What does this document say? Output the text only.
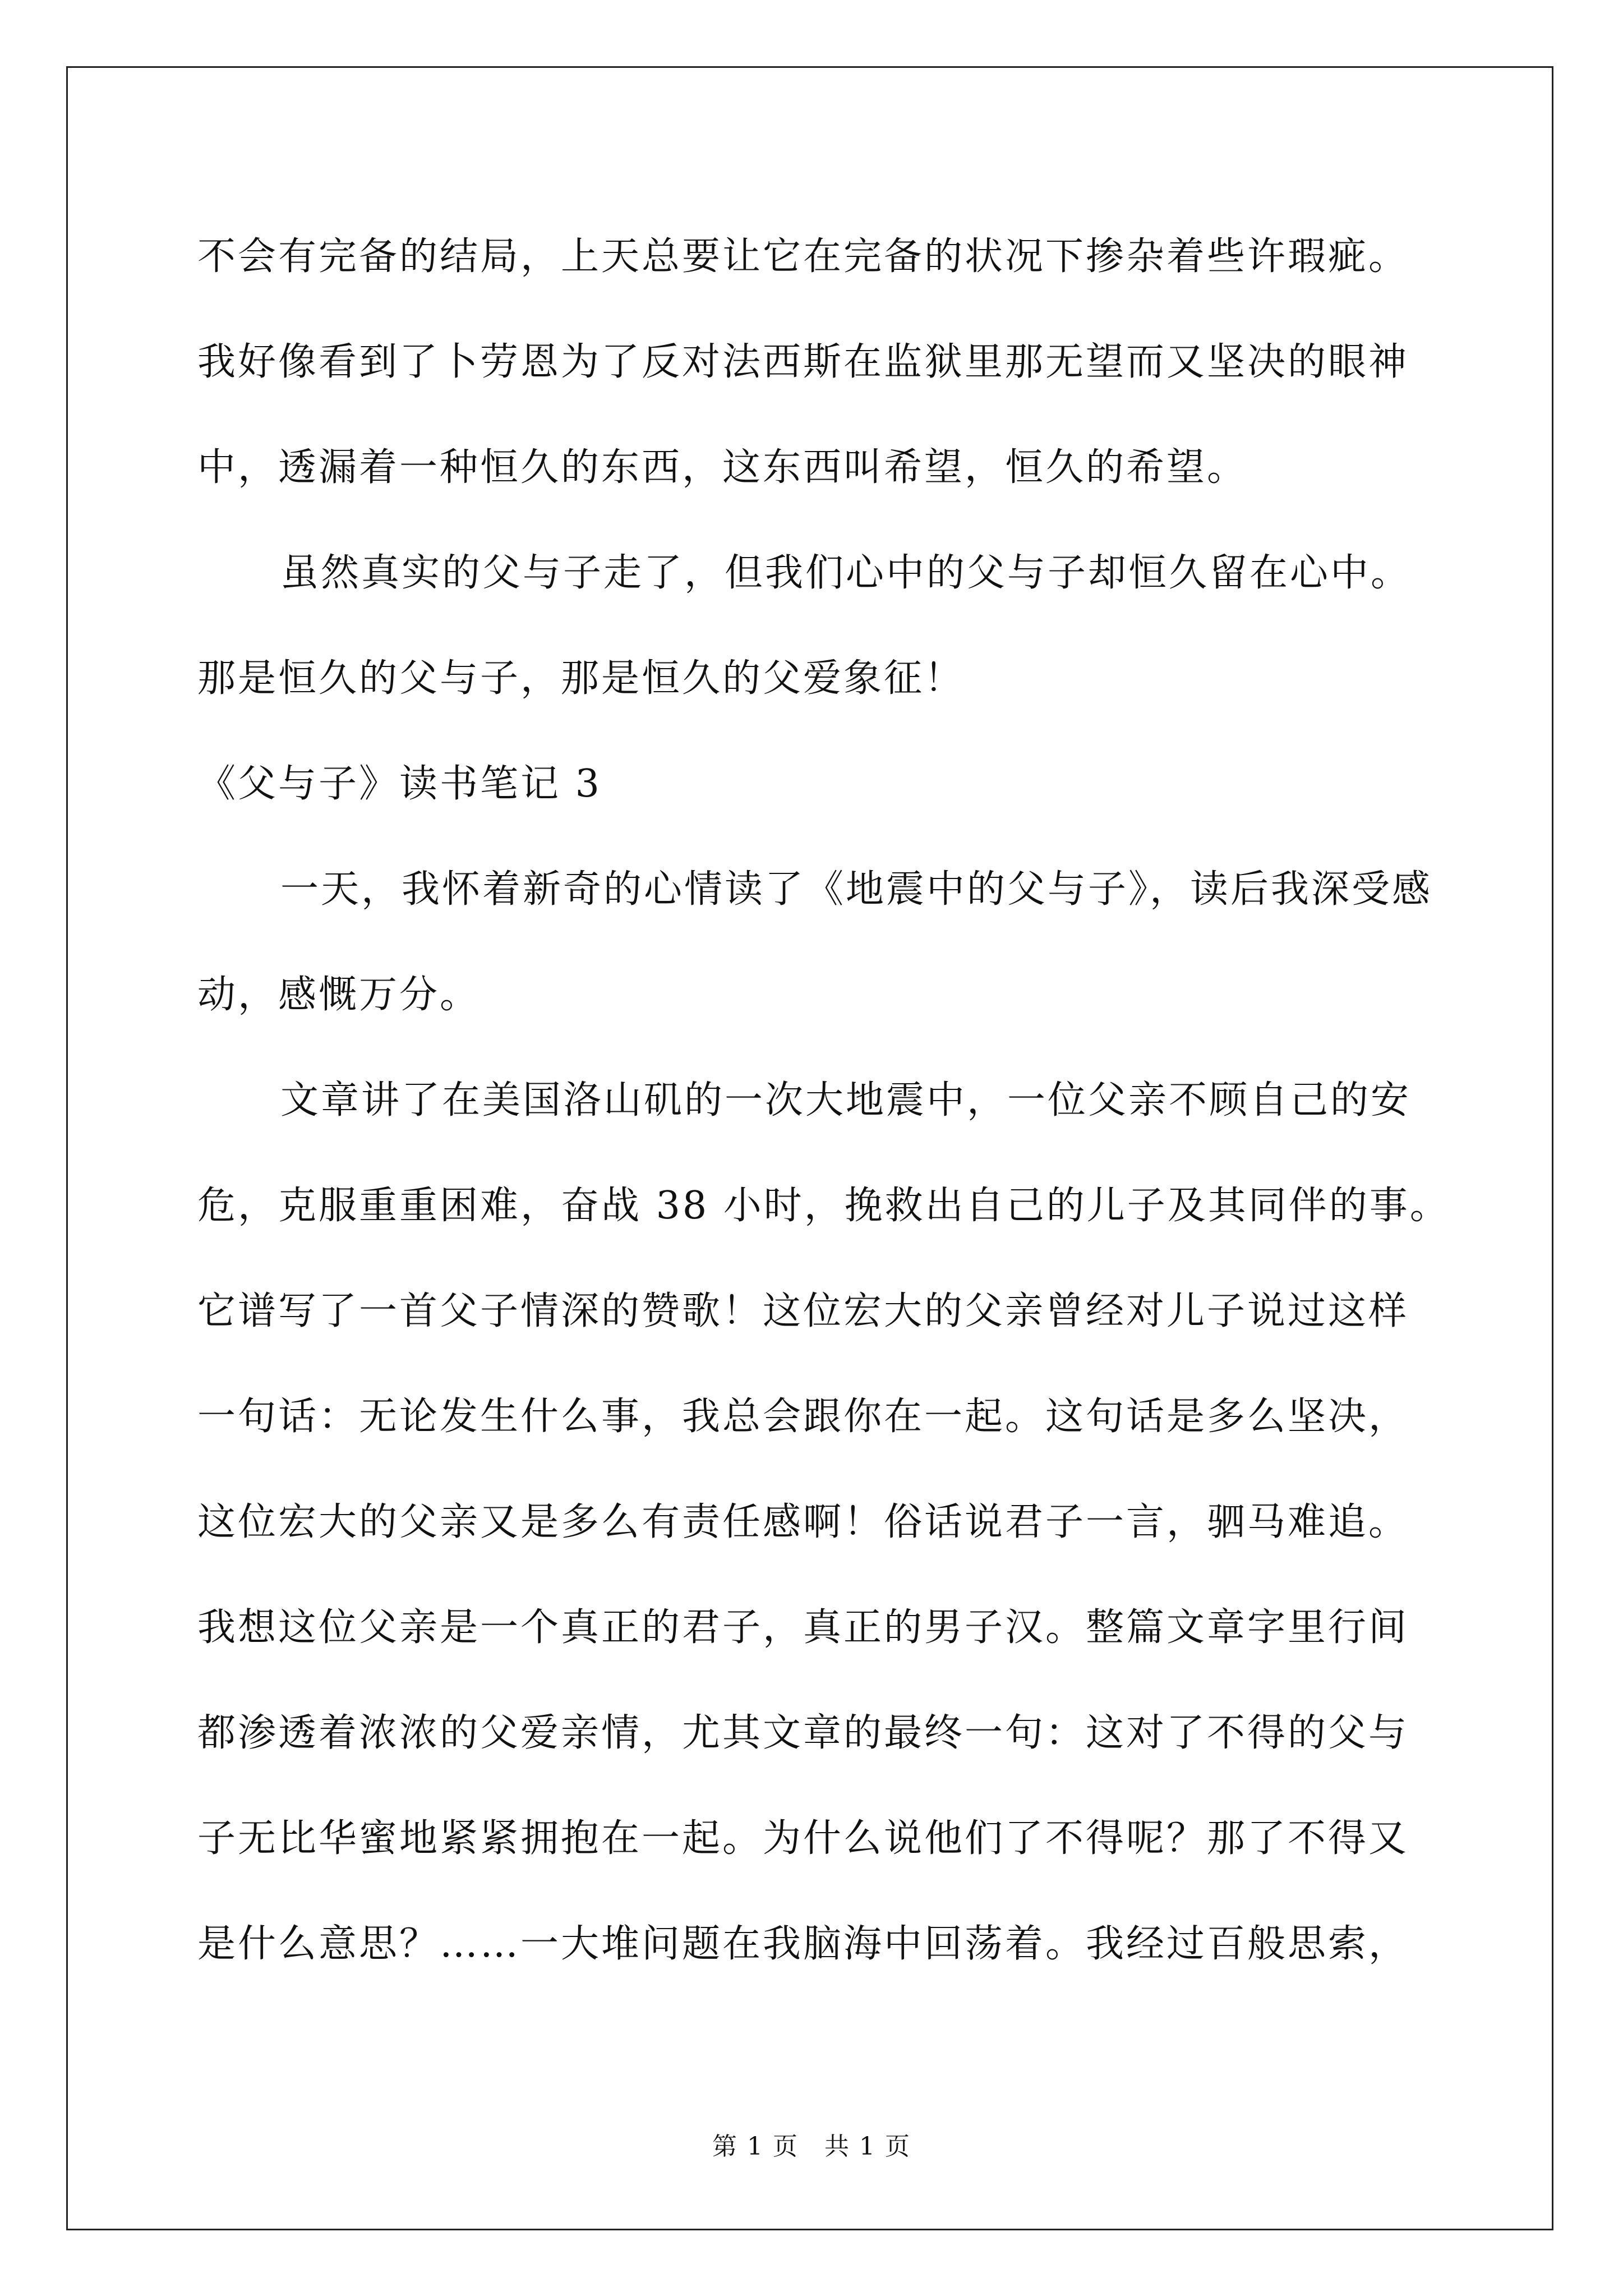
不会有完备的结局，上天总要让它在完备的状况下掺杂着些许瑕疵。
我好像看到了卜劳恩为了反对法西斯在监狱里那无望而又坚决的眼神
中，透漏着一种恒久的东西，这东西叫希望，恒久的希望。
虽然真实的父与子走了，但我们心中的父与子却恒久留在心中。
那是恒久的父与子，那是恒久的父爱象征！
《父与子》读书笔记 3
一天，我怀着新奇的心情读了《地震中的父与子》，读后我深受感
动，感慨万分。
文章讲了在美国洛山矶的一次大地震中，一位父亲不顾自己的安
危，克服重重困难，奋战 38 小时，挽救出自己的儿子及其同伴的事。
它谱写了一首父子情深的赞歌！这位宏大的父亲曾经对儿子说过这样
一句话：无论发生什么事，我总会跟你在一起。这句话是多么坚决，
这位宏大的父亲又是多么有责任感啊！俗话说君子一言，驷马难追。
我想这位父亲是一个真正的君子，真正的男子汉。整篇文章字里行间
都渗透着浓浓的父爱亲情，尤其文章的最终一句：这对了不得的父与
子无比华蜜地紧紧拥抱在一起。为什么说他们了不得呢？那了不得又
是什么意思？……一大堆问题在我脑海中回荡着。我经过百般思索，
第 1 页　共 1 页
